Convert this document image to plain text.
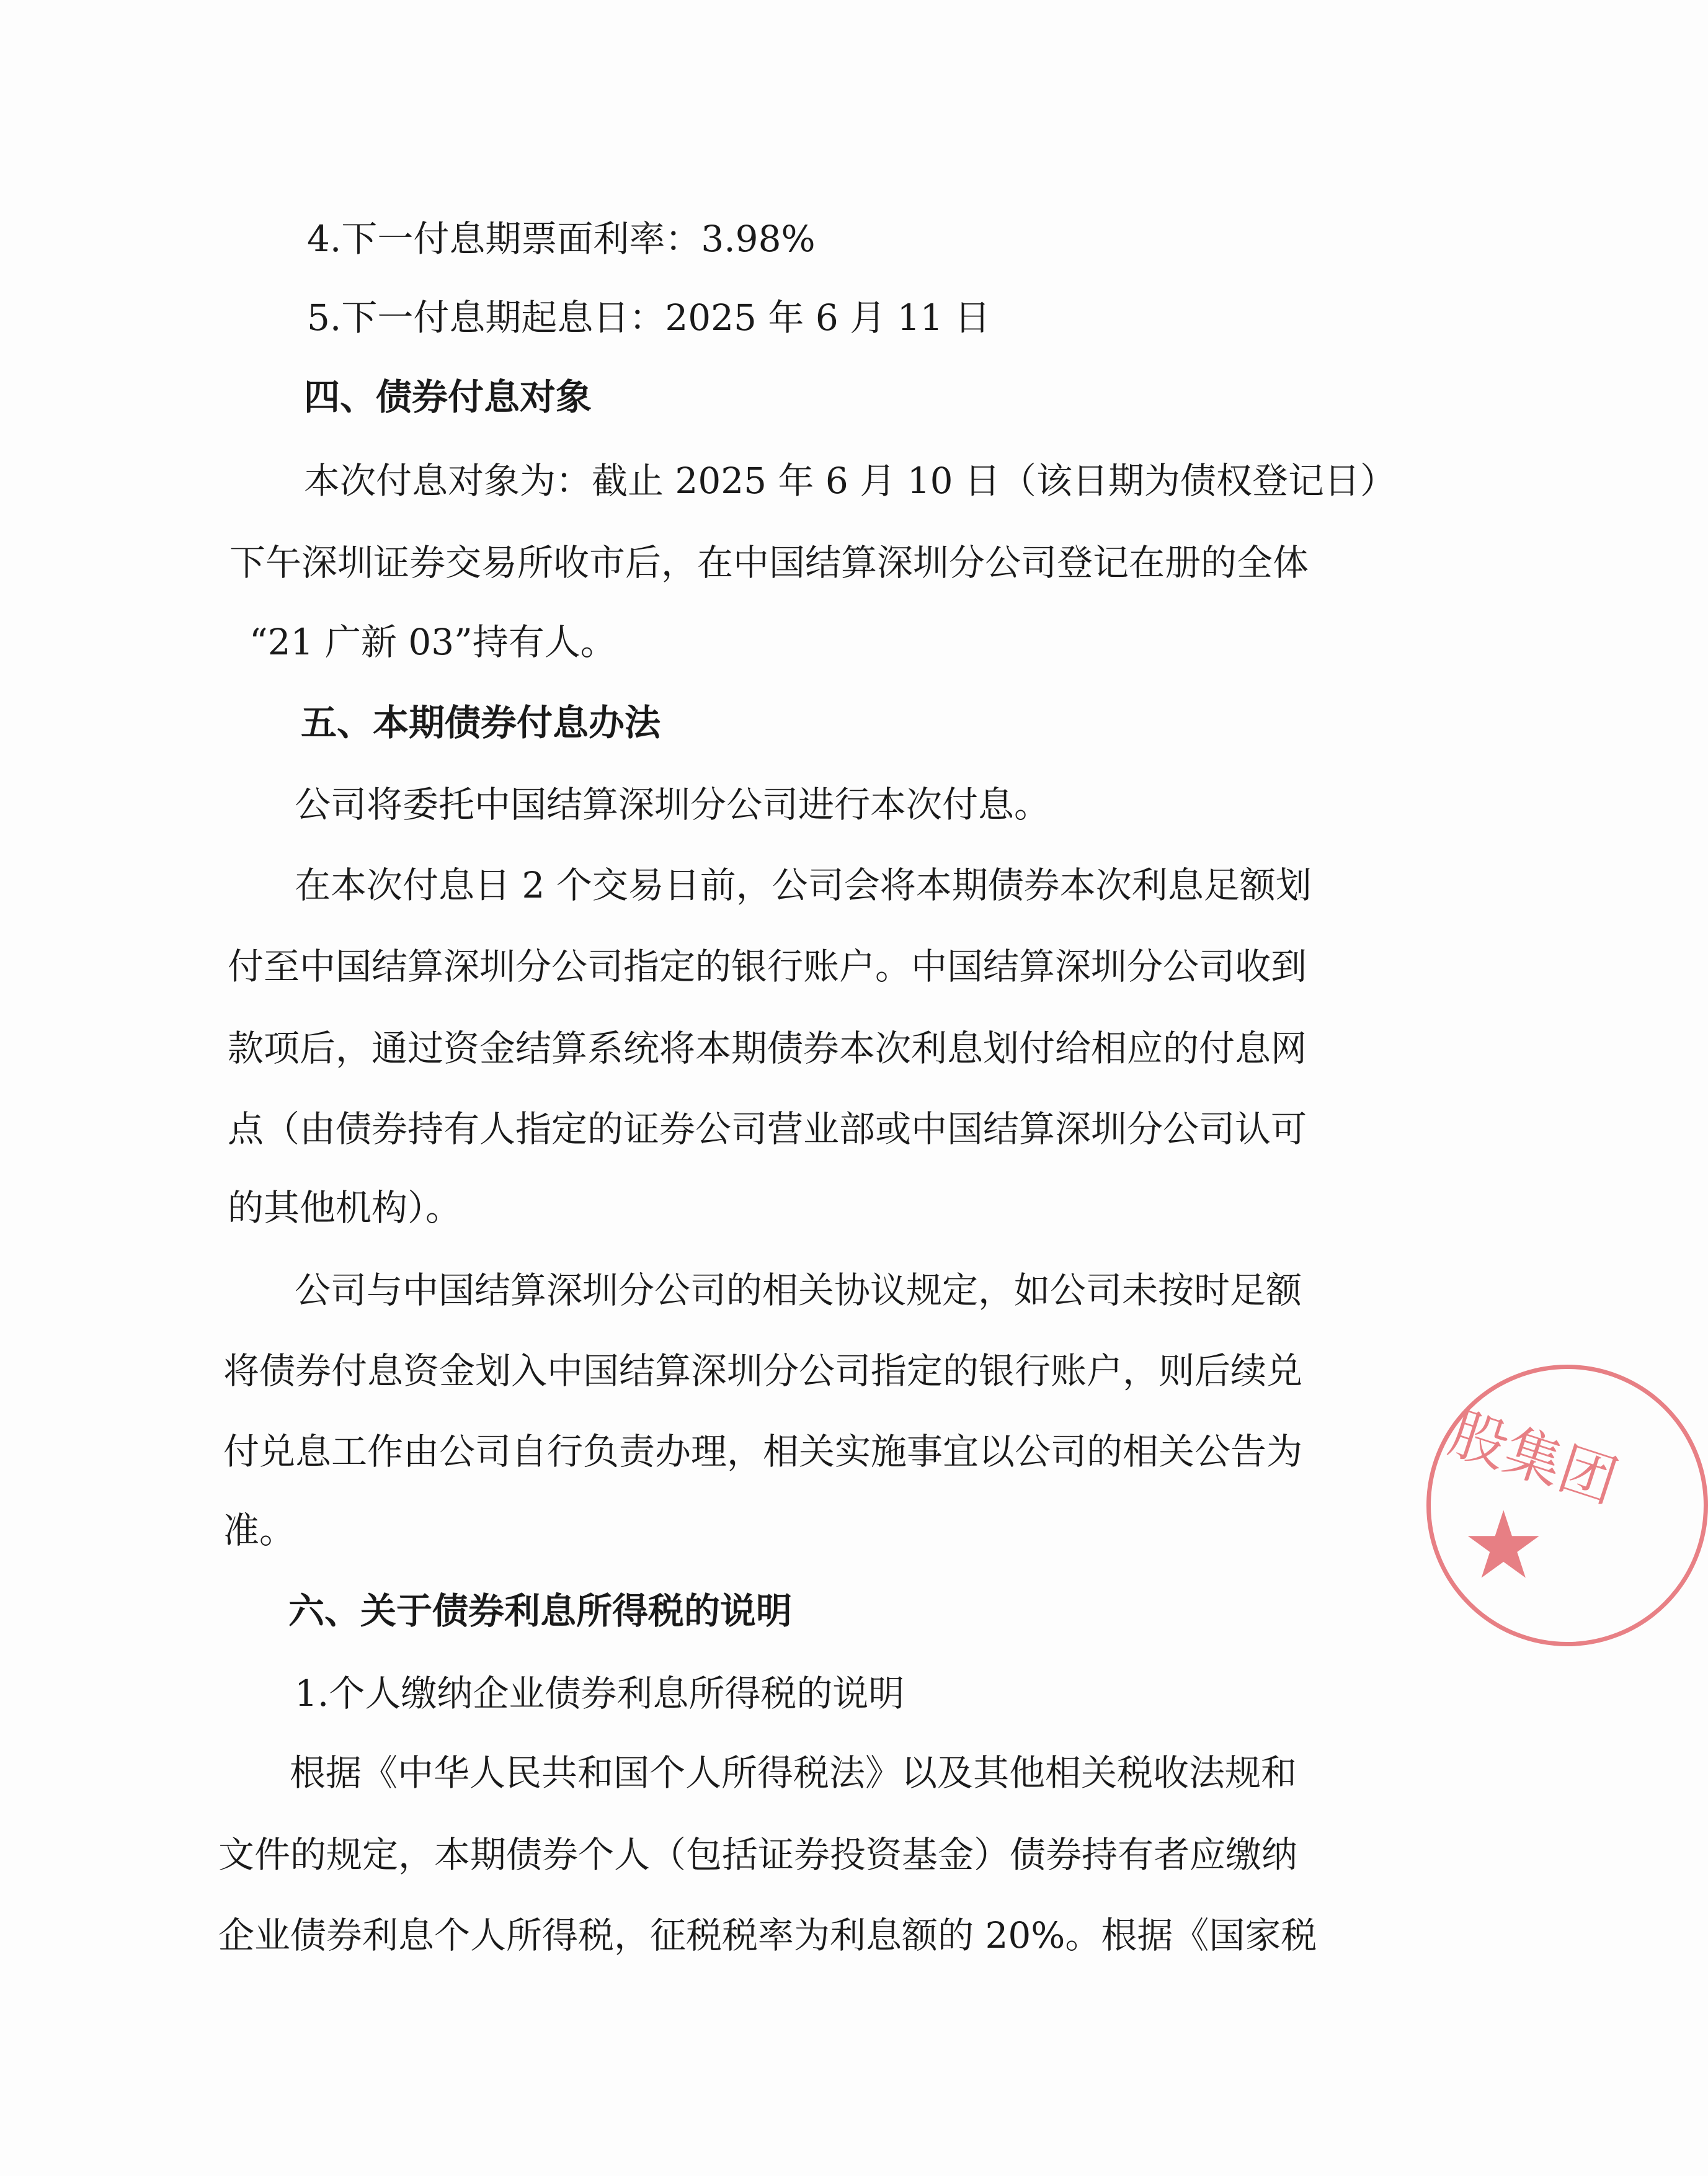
4.下一付息期票面利率：3.98%

5.下一付息期起息日：2025 年 6 月 11 日

四、债券付息对象

本次付息对象为：截止 2025 年 6 月 10 日（该日期为债权登记日）

下午深圳证券交易所收市后，在中国结算深圳分公司登记在册的全体

“21 广新 03”持有人。

五、本期债券付息办法

公司将委托中国结算深圳分公司进行本次付息。

在本次付息日 2 个交易日前，公司会将本期债券本次利息足额划

付至中国结算深圳分公司指定的银行账户。中国结算深圳分公司收到

款项后，通过资金结算系统将本期债券本次利息划付给相应的付息网

点（由债券持有人指定的证券公司营业部或中国结算深圳分公司认可

的其他机构）。

公司与中国结算深圳分公司的相关协议规定，如公司未按时足额

将债券付息资金划入中国结算深圳分公司指定的银行账户，则后续兑

付兑息工作由公司自行负责办理，相关实施事宜以公司的相关公告为

准。

六、关于债券利息所得税的说明

1.个人缴纳企业债券利息所得税的说明

根据《中华人民共和国个人所得税法》以及其他相关税收法规和

文件的规定，本期债券个人（包括证券投资基金）债券持有者应缴纳

企业债券利息个人所得税，征税税率为利息额的 20%。根据《国家税

股集团
★
